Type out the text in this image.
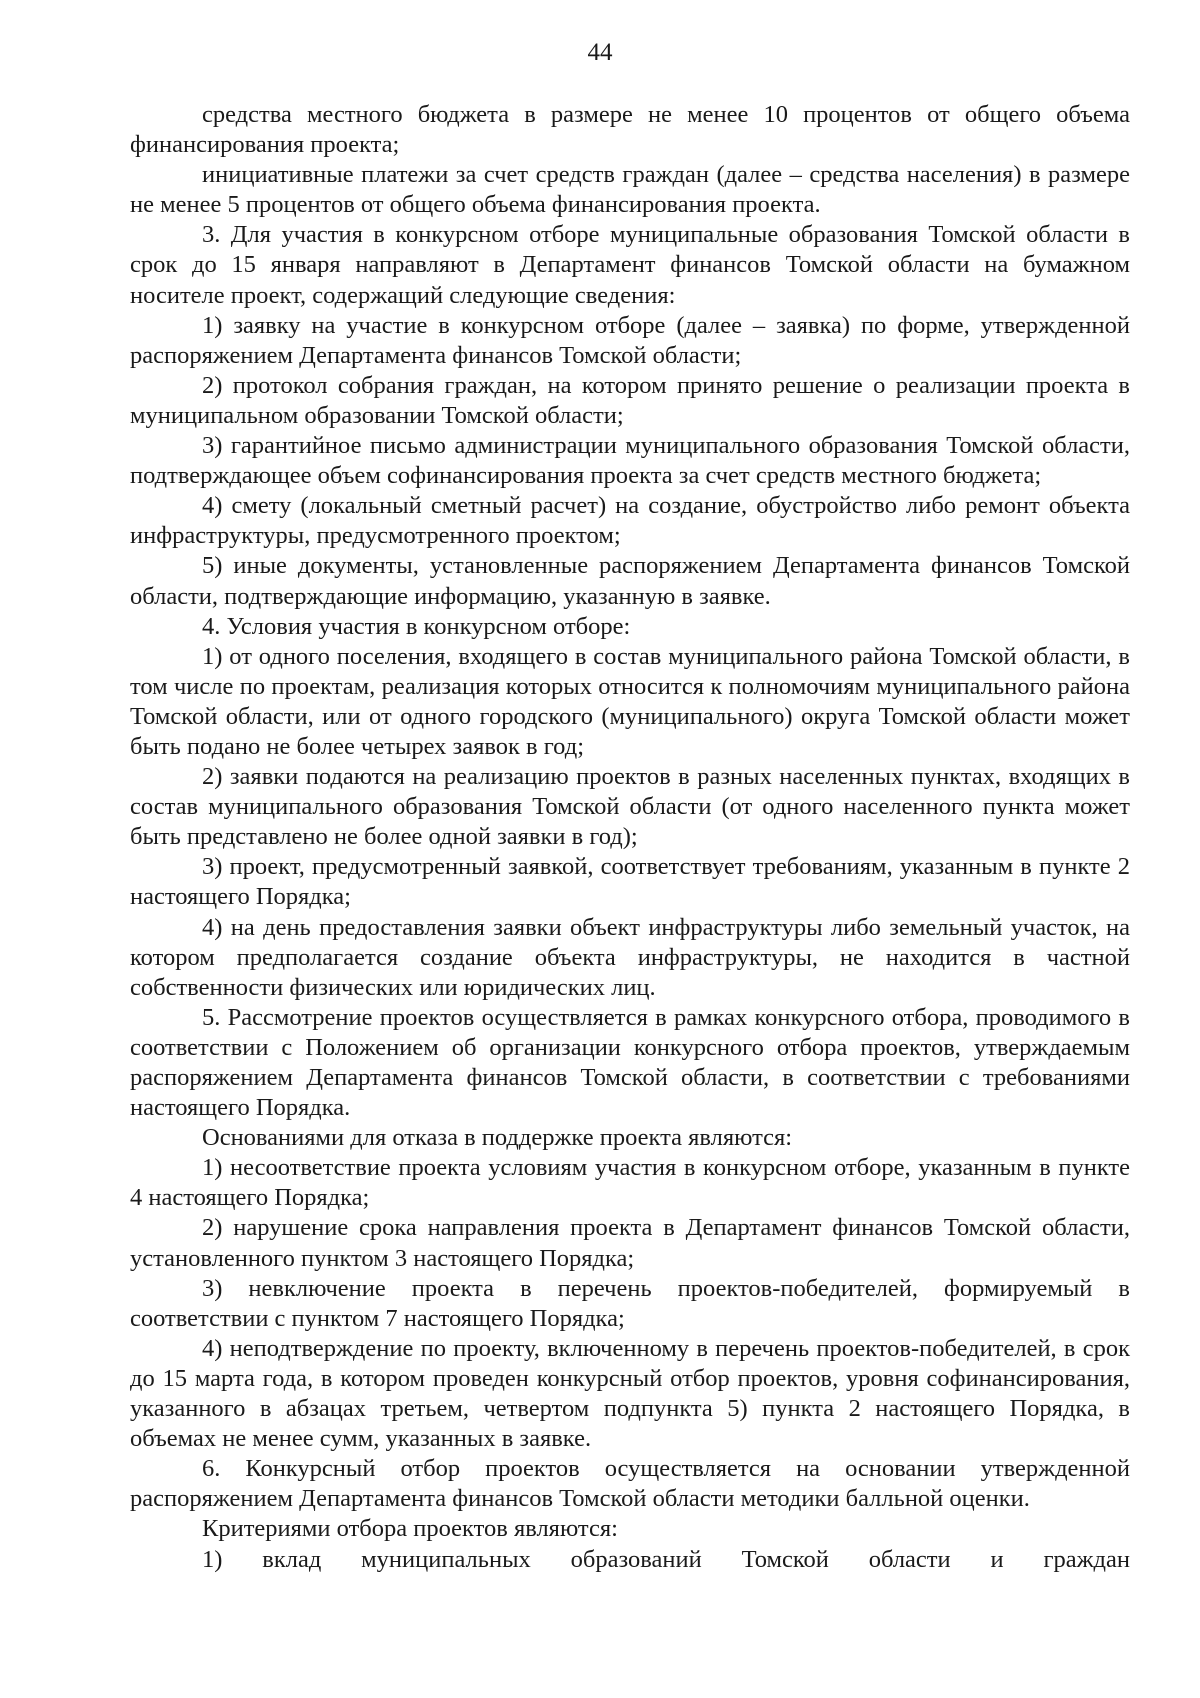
44

средства местного бюджета в размере не менее 10 процентов от общего объема финансирования проекта;

инициативные платежи за счет средств граждан (далее – средства населения) в размере не менее 5 процентов от общего объема финансирования проекта.

3. Для участия в конкурсном отборе муниципальные образования Томской области в срок до 15 января направляют в Департамент финансов Томской области на бумажном носителе проект, содержащий следующие сведения:

1) заявку на участие в конкурсном отборе (далее – заявка) по форме, утвержденной распоряжением Департамента финансов Томской области;

2) протокол собрания граждан, на котором принято решение о реализации проекта в муниципальном образовании Томской области;

3) гарантийное письмо администрации муниципального образования Томской области, подтверждающее объем софинансирования проекта за счет средств местного бюджета;

4) смету (локальный сметный расчет) на создание, обустройство либо ремонт объекта инфраструктуры, предусмотренного проектом;

5) иные документы, установленные распоряжением Департамента финансов Томской области, подтверждающие информацию, указанную в заявке.

4. Условия участия в конкурсном отборе:

1) от одного поселения, входящего в состав муниципального района Томской области, в том числе по проектам, реализация которых относится к полномочиям муниципального района Томской области, или от одного городского (муниципального) округа Томской области может быть подано не более четырех заявок в год;

2) заявки подаются на реализацию проектов в разных населенных пунктах, входящих в состав муниципального образования Томской области (от одного населенного пункта может быть представлено не более одной заявки в год);

3) проект, предусмотренный заявкой, соответствует требованиям, указанным в пункте 2 настоящего Порядка;

4) на день предоставления заявки объект инфраструктуры либо земельный участок, на котором предполагается создание объекта инфраструктуры, не находится в частной собственности физических или юридических лиц.

5. Рассмотрение проектов осуществляется в рамках конкурсного отбора, проводимого в соответствии с Положением об организации конкурсного отбора проектов, утверждаемым распоряжением Департамента финансов Томской области, в соответствии с требованиями настоящего Порядка.

Основаниями для отказа в поддержке проекта являются:

1) несоответствие проекта условиям участия в конкурсном отборе, указанным в пункте 4 настоящего Порядка;

2) нарушение срока направления проекта в Департамент финансов Томской области, установленного пунктом 3 настоящего Порядка;

3) невключение проекта в перечень проектов-победителей, формируемый в соответствии с пунктом 7 настоящего Порядка;

4) неподтверждение по проекту, включенному в перечень проектов-победителей, в срок до 15 марта года, в котором проведен конкурсный отбор проектов, уровня софинансирования, указанного в абзацах третьем, четвертом подпункта 5) пункта 2 настоящего Порядка, в объемах не менее сумм, указанных в заявке.

6. Конкурсный отбор проектов осуществляется на основании утвержденной распоряжением Департамента финансов Томской области методики балльной оценки.

Критериями отбора проектов являются:

1) вклад муниципальных образований Томской области и граждан
